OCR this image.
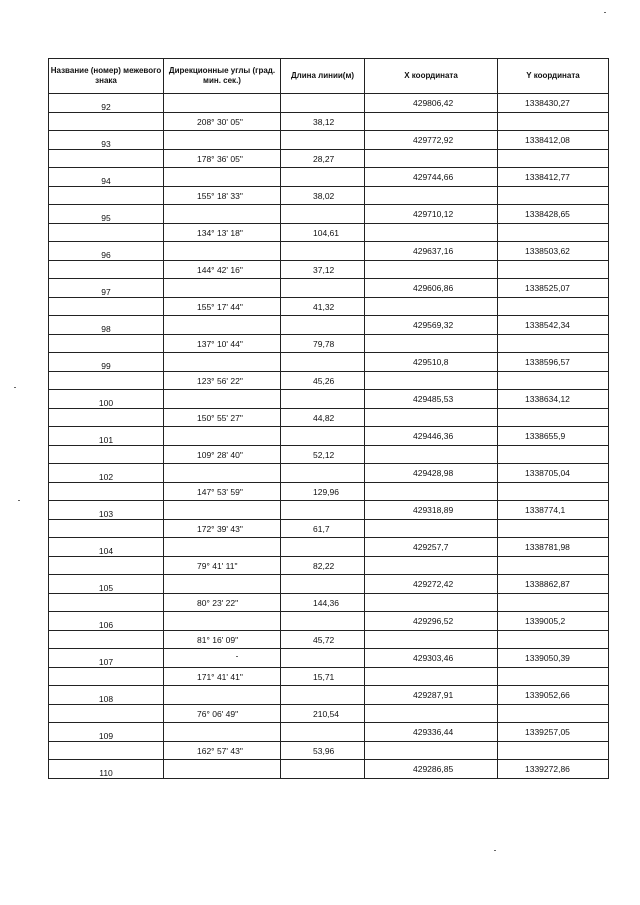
Название (номер) межевого знака	Дирекционные углы (град. мин. сек.)	Длина линии(м)	X координата	Y координата
92			429806,42	1338430,27
	208° 30' 05"	38,12		
93			429772,92	1338412,08
	178° 36' 05"	28,27		
94			429744,66	1338412,77
	155° 18' 33"	38,02		
95			429710,12	1338428,65
	134° 13' 18"	104,61		
96			429637,16	1338503,62
	144° 42' 16"	37,12		
97			429606,86	1338525,07
	155° 17' 44"	41,32		
98			429569,32	1338542,34
	137° 10' 44"	79,78		
99			429510,8	1338596,57
	123° 56' 22"	45,26		
100			429485,53	1338634,12
	150° 55' 27"	44,82		
101			429446,36	1338655,9
	109° 28' 40"	52,12		
102			429428,98	1338705,04
	147° 53' 59"	129,96		
103			429318,89	1338774,1
	172° 39' 43"	61,7		
104			429257,7	1338781,98
	79° 41' 11"	82,22		
105			429272,42	1338862,87
	80° 23' 22"	144,36		
106			429296,52	1339005,2
	81° 16' 09"	45,72		
107			429303,46	1339050,39
	171° 41' 41"	15,71		
108			429287,91	1339052,66
	76° 06' 49"	210,54		
109			429336,44	1339257,05
	162° 57' 43"	53,96		
110			429286,85	1339272,86
